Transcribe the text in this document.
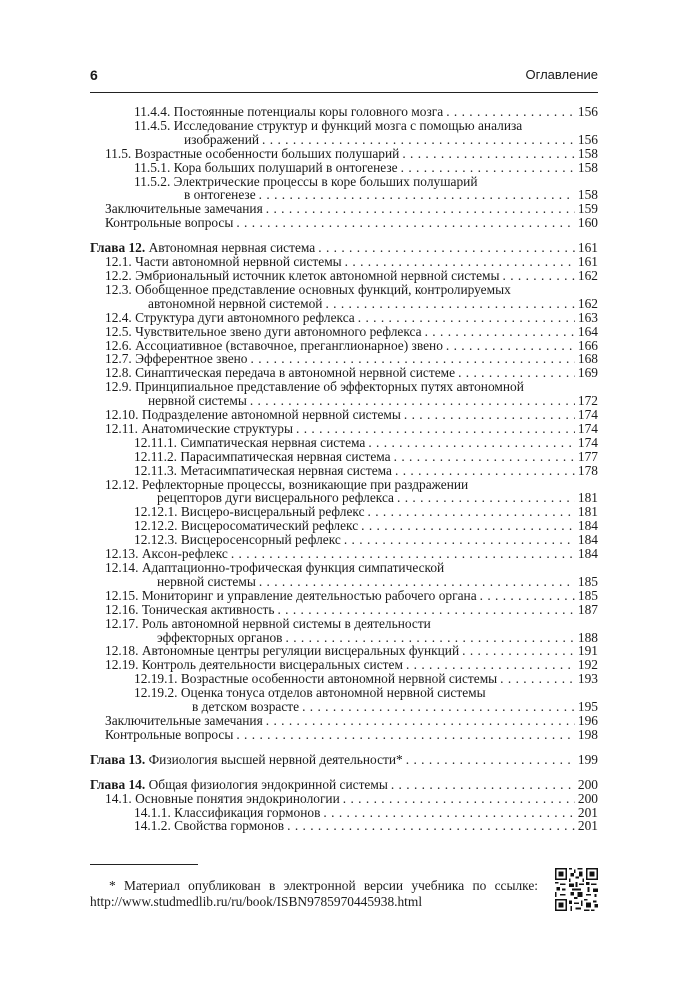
6	Оглавление
11.4.4. Постоянные потенциалы коры головного мозга . . .	156
11.4.5. Исследование структур и функций мозга с помощью анализа
изображений . . .	156
11.5. Возрастные особенности больших полушарий . . .	158
11.5.1. Кора больших полушарий в онтогенезе . . .	158
11.5.2. Электрические процессы в коре больших полушарий
в онтогенезе . . .	158
Заключительные замечания . . .	159
Контрольные вопросы . . .	160
Глава 12. Автономная нервная система . . .	161
12.1. Части автономной нервной системы . . .	161
12.2. Эмбриональный источник клеток автономной нервной системы . . .	162
12.3. Обобщенное представление основных функций, контролируемых
автономной нервной системой . . .	162
12.4. Структура дуги автономного рефлекса . . .	163
12.5. Чувствительное звено дуги автономного рефлекса . . .	164
12.6. Ассоциативное (вставочное, преганглионарное) звено . . .	166
12.7. Эфферентное звено . . .	168
12.8. Синаптическая передача в автономной нервной системе . . .	169
12.9. Принципиальное представление об эффекторных путях автономной
нервной системы . . .	172
12.10. Подразделение автономной нервной системы . . .	174
12.11. Анатомические структуры . . .	174
12.11.1. Симпатическая нервная система . . .	174
12.11.2. Парасимпатическая нервная система . . .	177
12.11.3. Метасимпатическая нервная система . . .	178
12.12. Рефлекторные процессы, возникающие при раздражении
рецепторов дуги висцерального рефлекса . . .	181
12.12.1. Висцеро-висцеральный рефлекс . . .	181
12.12.2. Висцеросоматический рефлекс . . .	184
12.12.3. Висцеросенсорный рефлекс . . .	184
12.13. Аксон-рефлекс . . .	184
12.14. Адаптационно-трофическая функция симпатической
нервной системы . . .	185
12.15. Мониторинг и управление деятельностью рабочего органа . . .	185
12.16. Тоническая активность . . .	187
12.17. Роль автономной нервной системы в деятельности
эффекторных органов . . .	188
12.18. Автономные центры регуляции висцеральных функций . . .	191
12.19. Контроль деятельности висцеральных систем . . .	192
12.19.1. Возрастные особенности автономной нервной системы . . .	193
12.19.2. Оценка тонуса отделов автономной нервной системы
в детском возрасте . . .	195
Заключительные замечания . . .	196
Контрольные вопросы . . .	198
Глава 13. Физиология высшей нервной деятельности* . . .	199
Глава 14. Общая физиология эндокринной системы . . .	200
14.1. Основные понятия эндокринологии . . .	200
14.1.1. Классификация гормонов . . .	201
14.1.2. Свойства гормонов . . .	201
* Материал опубликован в электронной версии учебника по ссылке: http://www.studmedlib.ru/ru/book/ISBN9785970445938.html
